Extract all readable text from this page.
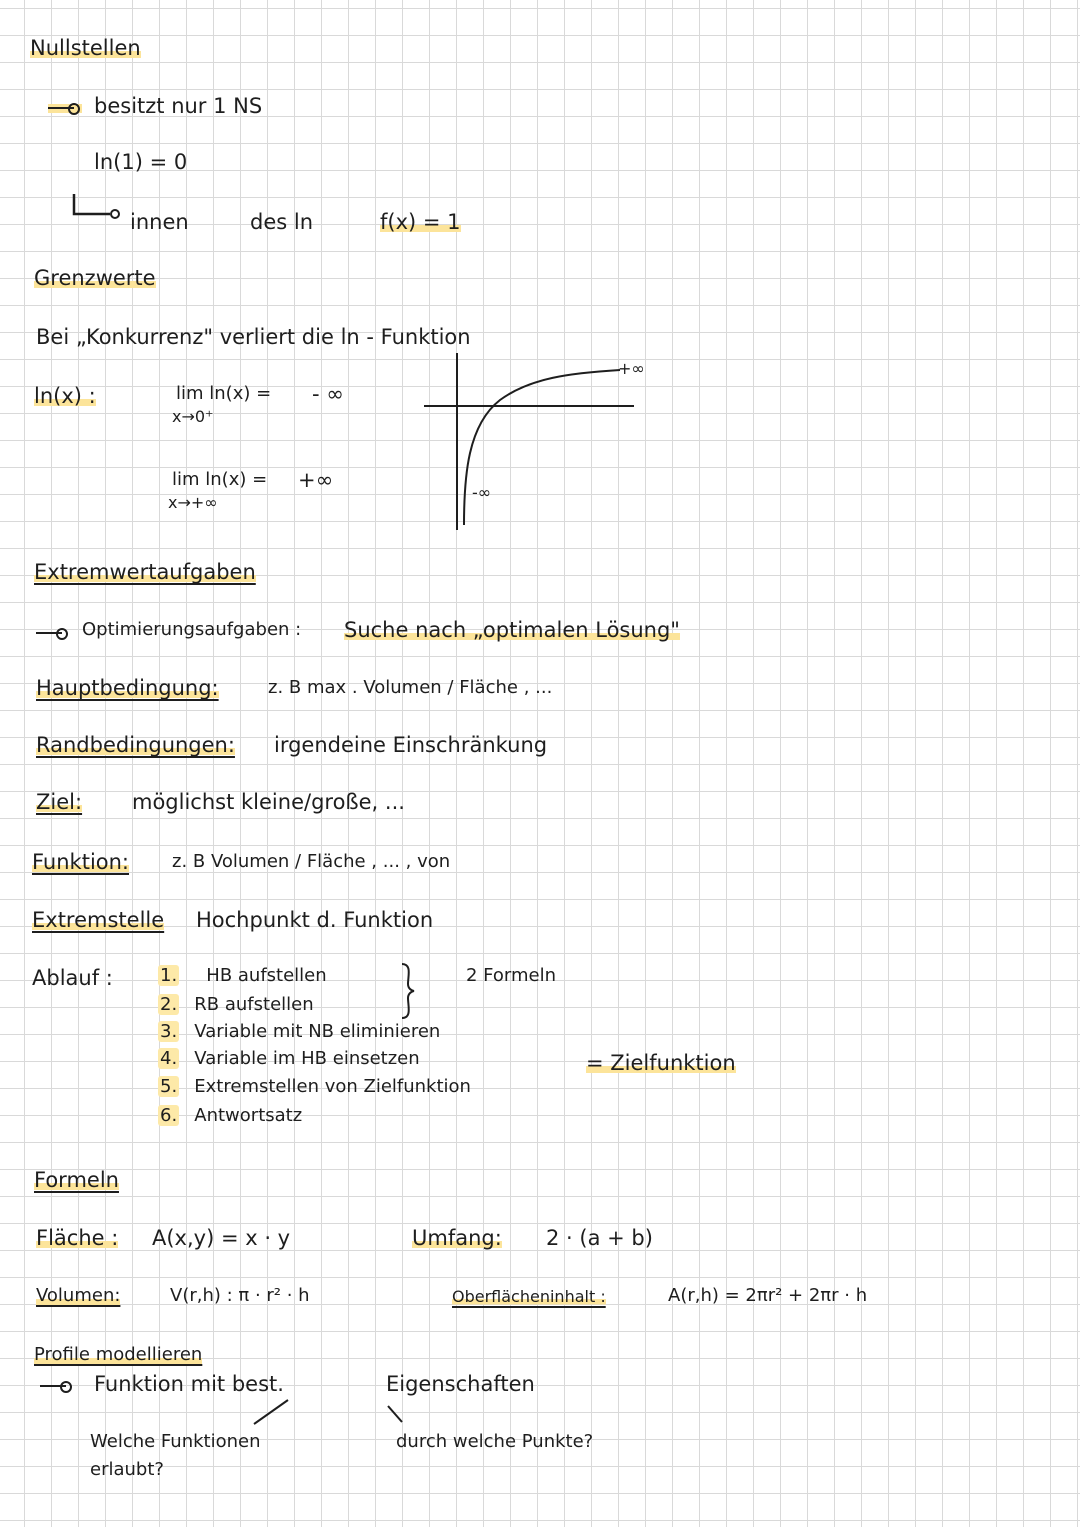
Nullstellen
besitzt nur 1 NS
ln(1) = 0
innen	des ln	f(x) = 1
Grenzwerte
Bei „Konkurrenz" verliert die ln - Funktion
ln(x) :	lim ln(x) =
x→0⁺
- ∞
lim ln(x) =
x→+∞
+∞
+∞
-∞
Extremwertaufgaben
Optimierungsaufgaben : Suche nach „optimalen Lösung"
Hauptbedingung:	z. B max . Volumen / Fläche , ...
Randbedingungen: irgendeine Einschränkung
Ziel: möglichst kleine/große, ...
Funktion: z. B Volumen / Fläche , ... , von
Extremstelle Hochpunkt d. Funktion
Ablauf :	1. HB aufstellen
2. RB aufstellen
3. Variable mit NB eliminieren
4. Variable im HB einsetzen
5. Extremstellen von Zielfunktion
6. Antwortsatz
2 Formeln
= Zielfunktion
Formeln
Fläche : A(x,y) = x · y	Umfang: 2 · (a + b)
Volumen:	V(r,h) : π · r² · h	Oberflächeninhalt :	A(r,h) = 2πr² + 2πr · h
Profile modellieren
Funktion mit best.	Eigenschaften
Welche Funktionen
erlaubt?
durch welche Punkte?
